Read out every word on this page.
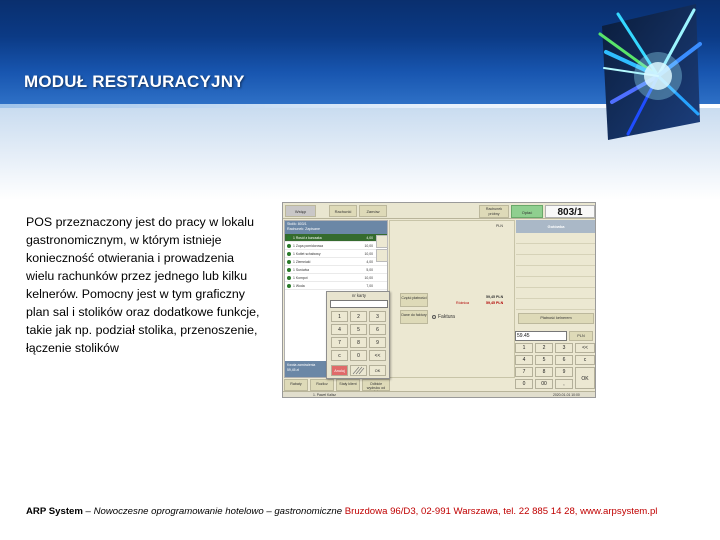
MODUŁ RESTAURACYJNY
POS przeznaczony jest do pracy w lokalu gastronomicznym, w którym istnieje konieczność otwierania i prowadzenia wielu rachunków przez jednego lub kilku kelnerów. Pomocny jest w tym graficzny plan sal i stolików oraz dodatkowe funkcje, takie jak np. podział stolika, przenoszenie, łączenie stolików
Wstęp	Rachunki	Zamów	Rachunek próbny	Opłać	803/1
Stolik: 803/1
Rachunek: Zapisane
1 Rosół z kurczaka	4,00
1 Zupa pomidorowa	10,00
1 Kotlet schabowy	10,00
1 Ziemniaki	4,00
1 Surówka	5,00
1 Kompot	10,00
1 Woda	7,00
Kwota zamówienia
59,45 zł
PLN
59,45 PLN
Różnica	59,45 PLN
Część płatności
Dane do faktury	Faktura
Gotówka
Płatność kelnerem
59.45
PLN
1	2	3	<<
4	5	6	c
7	8	9
0	00	,
OK
Rabaty	Rozlicz	Stały klient	Odbicie wydruku od
1. Paweł Kalisz	2020-01-01 10:00
nr karty
1	2	3
4	5	6
7	8	9
c	0	<<
Anuluj	OK
ARP System – Nowoczesne oprogramowanie hotelowo – gastronomiczne Bruzdowa 96/D3, 02-991 Warszawa, tel. 22 885 14 28, www.arpsystem.pl
